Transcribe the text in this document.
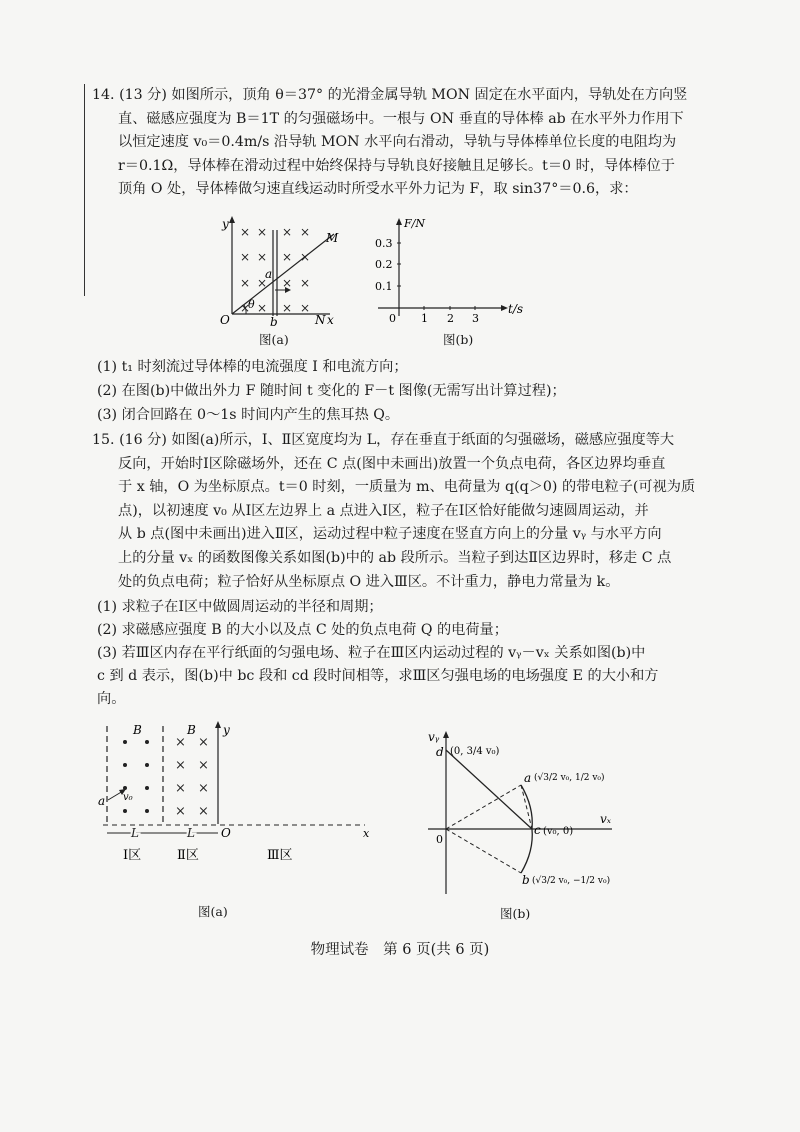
14. (13 分) 如图所示，顶角 θ＝37° 的光滑金属导轨 MON 固定在水平面内，导轨处在方向竖

直、磁感应强度为 B＝1T 的匀强磁场中。一根与 ON 垂直的导体棒 ab 在水平外力作用下

以恒定速度 v₀＝0.4m/s 沿导轨 MON 水平向右滑动，导轨与导体棒单位长度的电阻均为

r＝0.1Ω，导体棒在滑动过程中始终保持与导轨良好接触且足够长。t＝0 时，导体棒位于

顶角 O 处，导体棒做匀速直线运动时所受水平外力记为 F，取 sin37°＝0.6，求：

× × × ×
× × × ×
× × × ×
× × × ×
y
M
a
θ
O	b	N x
图(a)
F/N
0.3
0.2
0.1
0 1 2 3
t/s
图(b)
(1) t₁ 时刻流过导体棒的电流强度 I 和电流方向；
(2) 在图(b)中做出外力 F 随时间 t 变化的 F－t 图像(无需写出计算过程)；
(3) 闭合回路在 0～1s 时间内产生的焦耳热 Q。

15. (16 分) 如图(a)所示，Ⅰ、Ⅱ区宽度均为 L，存在垂直于纸面的匀强磁场，磁感应强度等大

反向，开始时Ⅰ区除磁场外，还在 C 点(图中未画出)放置一个负点电荷，各区边界均垂直

于 x 轴，O 为坐标原点。t＝0 时刻，一质量为 m、电荷量为 q(q＞0) 的带电粒子(可视为质

点)，以初速度 v₀ 从Ⅰ区左边界上 a 点进入Ⅰ区，粒子在Ⅰ区恰好能做匀速圆周运动，并

从 b 点(图中未画出)进入Ⅱ区，运动过程中粒子速度在竖直方向上的分量 vᵧ 与水平方向

上的分量 vₓ 的函数图像关系如图(b)中的 ab 段所示。当粒子到达Ⅱ区边界时，移走 C 点

处的负点电荷；粒子恰好从坐标原点 O 进入Ⅲ区。不计重力，静电力常量为 k。

(1) 求粒子在Ⅰ区中做圆周运动的半径和周期；
(2) 求磁感应强度 B 的大小以及点 C 处的负点电荷 Q 的电荷量；

(3) 若Ⅲ区内存在平行纸面的匀强电场、粒子在Ⅲ区内运动过程的 vᵧ－vₓ 关系如图(b)中

c 到 d 表示，图(b)中 bc 段和 cd 段时间相等，求Ⅲ区匀强电场的电场强度 E 的大小和方

向。

× ×
× ×
× ×
× ×
B	B y
a v₀
L	L O	x
Ⅰ区	Ⅱ区	Ⅲ区
图(a)
vᵧ
vₓ
0
d (0, 3/4 v₀)
a (√3/2 v₀, 1/2 v₀)
c (v₀, 0)
b (√3/2 v₀, −1/2 v₀)
图(b)
物理试卷　第 6 页(共 6 页)
